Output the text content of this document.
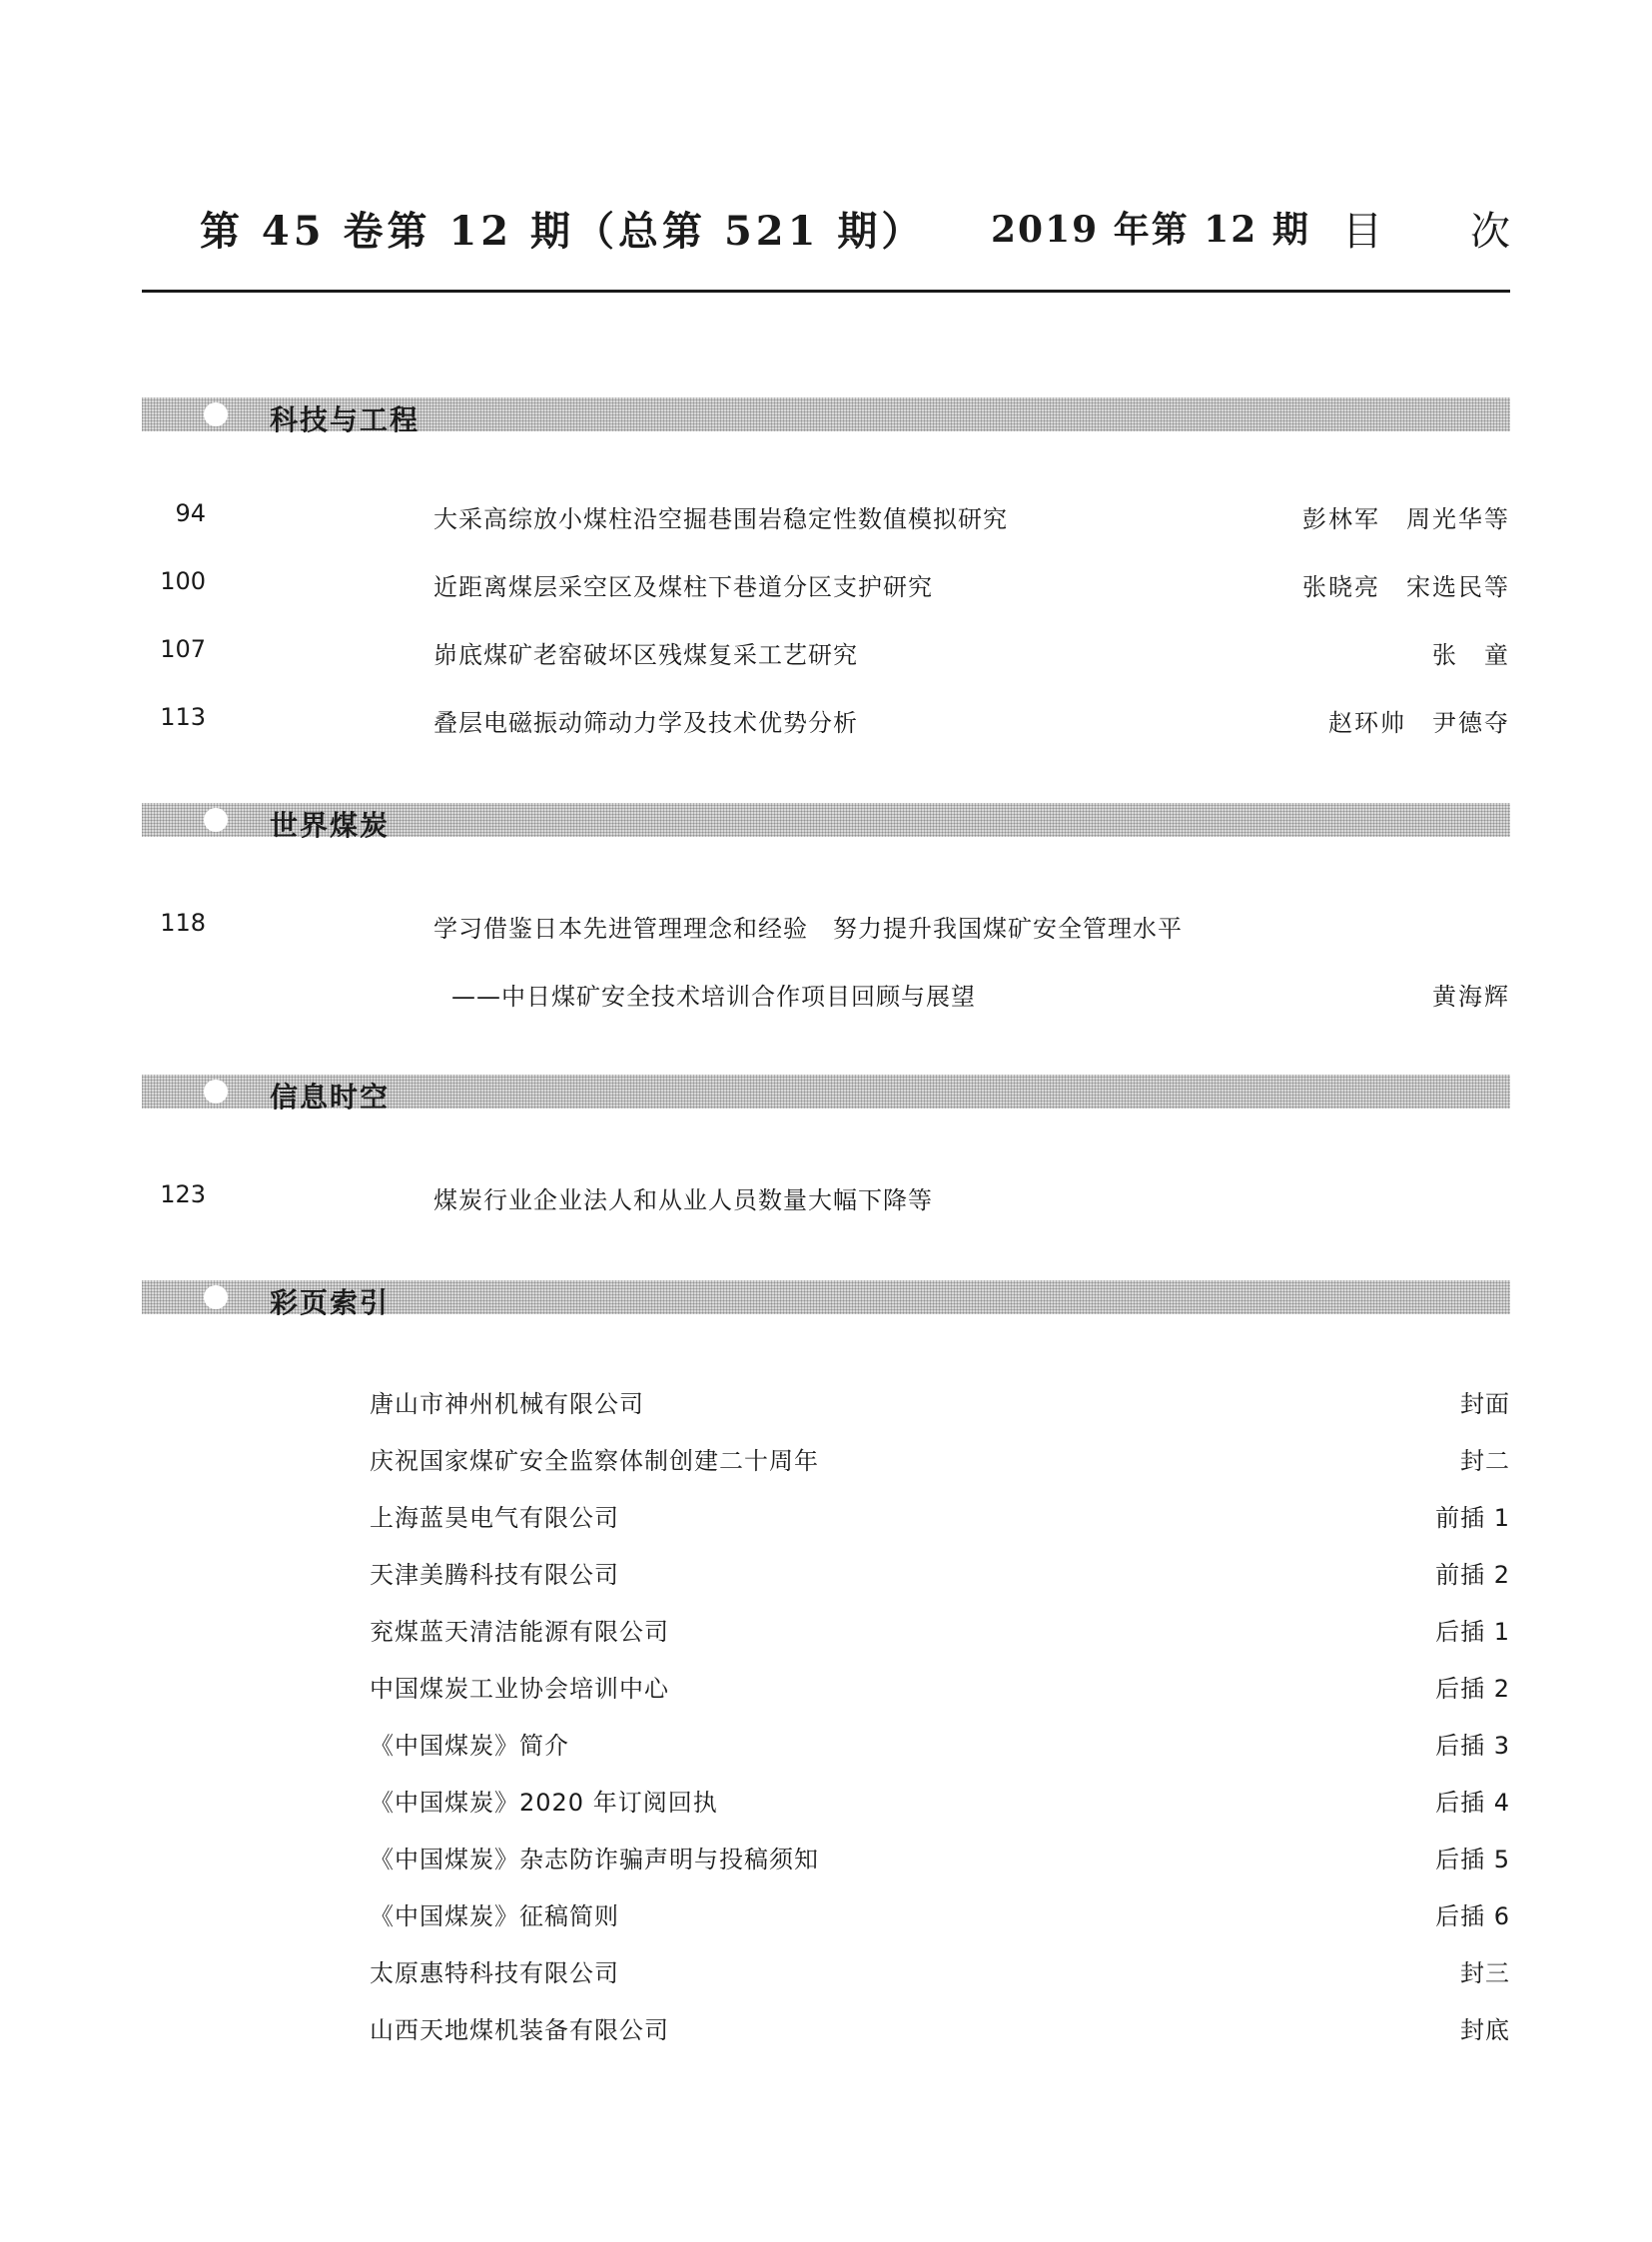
第 45 卷第 12 期（总第 521 期） 2019 年第 12 期 目 次
科技与工程
94	大采高综放小煤柱沿空掘巷围岩稳定性数值模拟研究	彭林军　周光华等
100	近距离煤层采空区及煤柱下巷道分区支护研究	张晓亮　宋选民等
107	峁底煤矿老窑破坏区残煤复采工艺研究	张　童
113	叠层电磁振动筛动力学及技术优势分析	赵环帅　尹德夺
世界煤炭
118	学习借鉴日本先进管理理念和经验　努力提升我国煤矿安全管理水平
——中日煤矿安全技术培训合作项目回顾与展望	黄海辉
信息时空
123	煤炭行业企业法人和从业人员数量大幅下降等
彩页索引
唐山市神州机械有限公司	封面
庆祝国家煤矿安全监察体制创建二十周年	封二
上海蓝昊电气有限公司	前插 1
天津美腾科技有限公司	前插 2
兖煤蓝天清洁能源有限公司	后插 1
中国煤炭工业协会培训中心	后插 2
《中国煤炭》简介	后插 3
《中国煤炭》2020 年订阅回执	后插 4
《中国煤炭》杂志防诈骗声明与投稿须知	后插 5
《中国煤炭》征稿简则	后插 6
太原惠特科技有限公司	封三
山西天地煤机装备有限公司	封底
